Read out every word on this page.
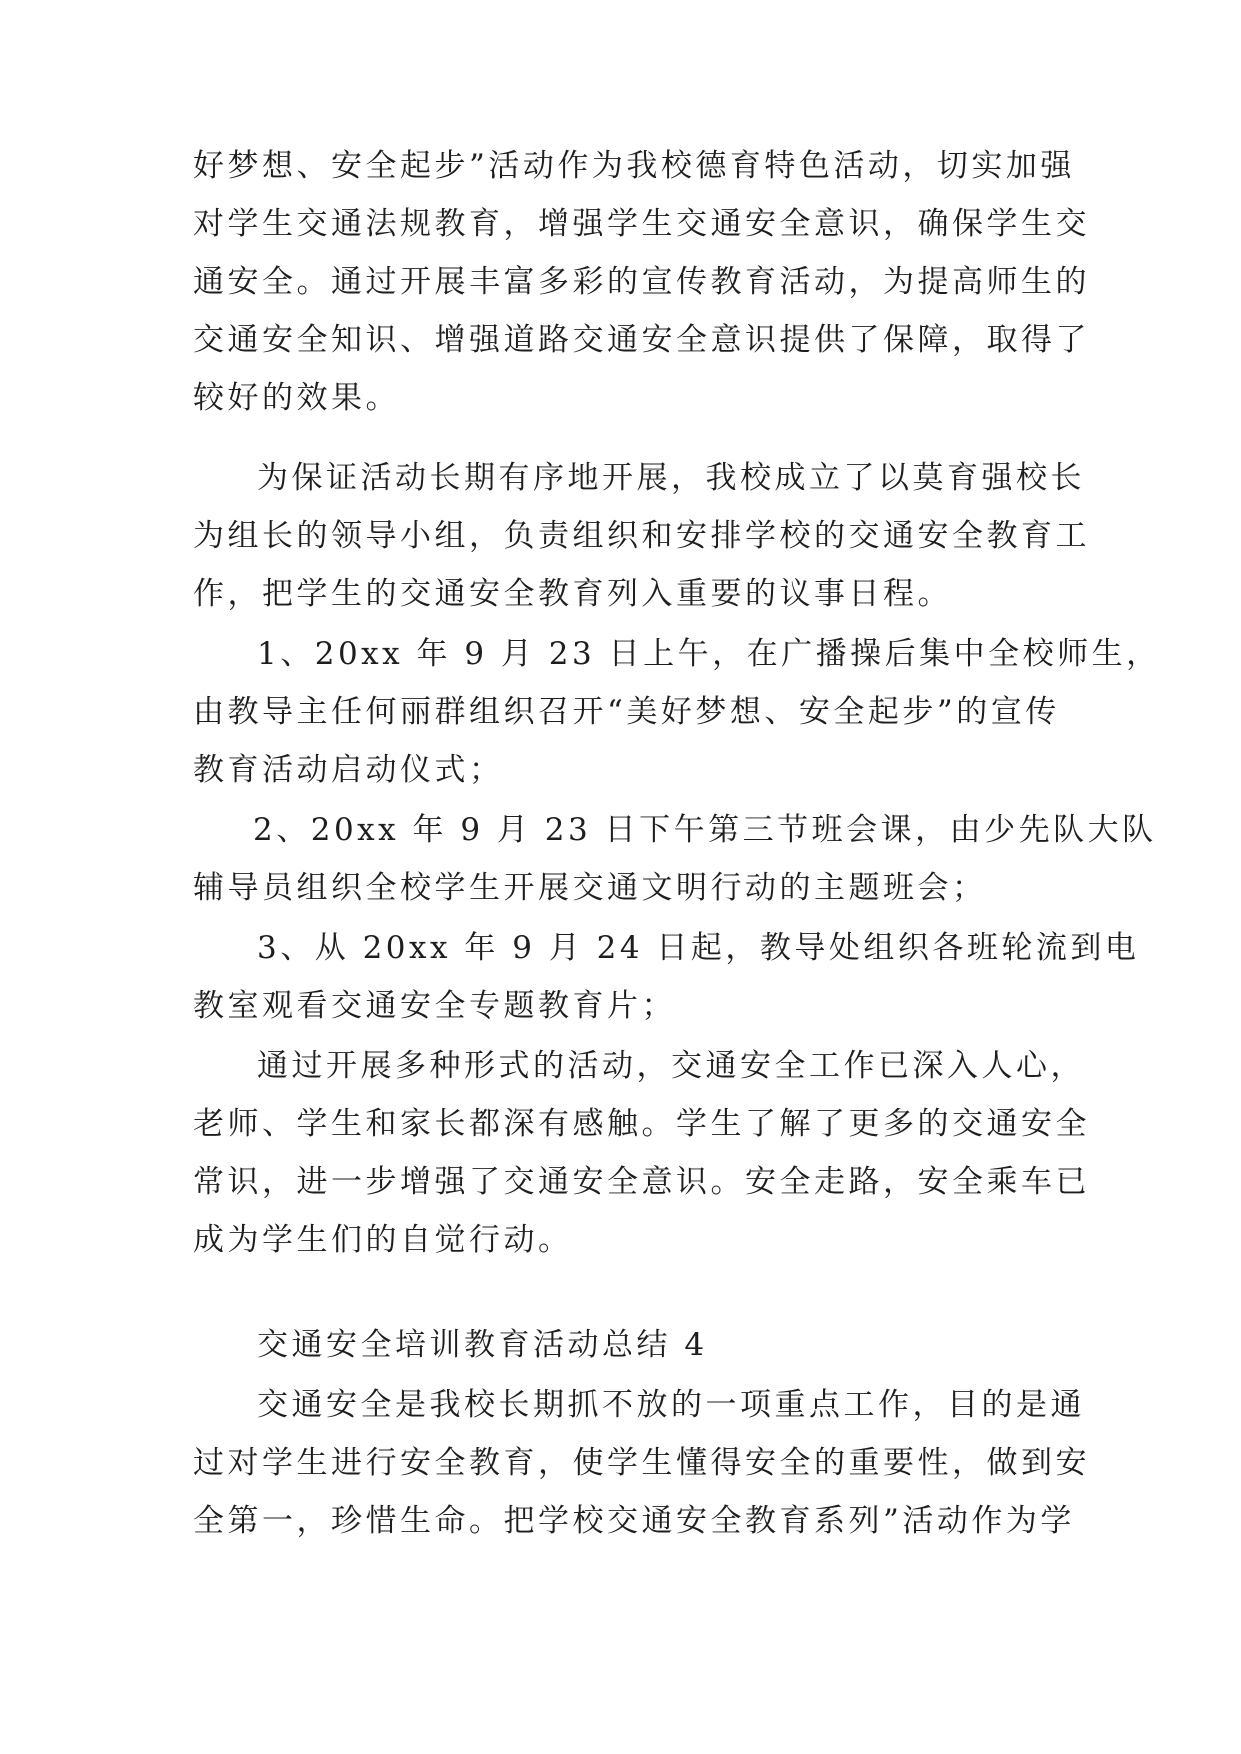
好梦想、安全起步”活动作为我校德育特色活动，切实加强
对学生交通法规教育，增强学生交通安全意识，确保学生交
通安全。通过开展丰富多彩的宣传教育活动，为提高师生的
交通安全知识、增强道路交通安全意识提供了保障，取得了
较好的效果。
为保证活动长期有序地开展，我校成立了以莫育强校长
为组长的领导小组，负责组织和安排学校的交通安全教育工
作，把学生的交通安全教育列入重要的议事日程。
1、20xx 年 9 月 23 日上午，在广播操后集中全校师生，
由教导主任何丽群组织召开“美好梦想、安全起步”的宣传
教育活动启动仪式；
2、20xx 年 9 月 23 日下午第三节班会课，由少先队大队
辅导员组织全校学生开展交通文明行动的主题班会；
3、从 20xx 年 9 月 24 日起，教导处组织各班轮流到电
教室观看交通安全专题教育片；
通过开展多种形式的活动，交通安全工作已深入人心，
老师、学生和家长都深有感触。学生了解了更多的交通安全
常识，进一步增强了交通安全意识。安全走路，安全乘车已
成为学生们的自觉行动。
交通安全培训教育活动总结 4
交通安全是我校长期抓不放的一项重点工作，目的是通
过对学生进行安全教育，使学生懂得安全的重要性，做到安
全第一，珍惜生命。把学校交通安全教育系列”活动作为学
